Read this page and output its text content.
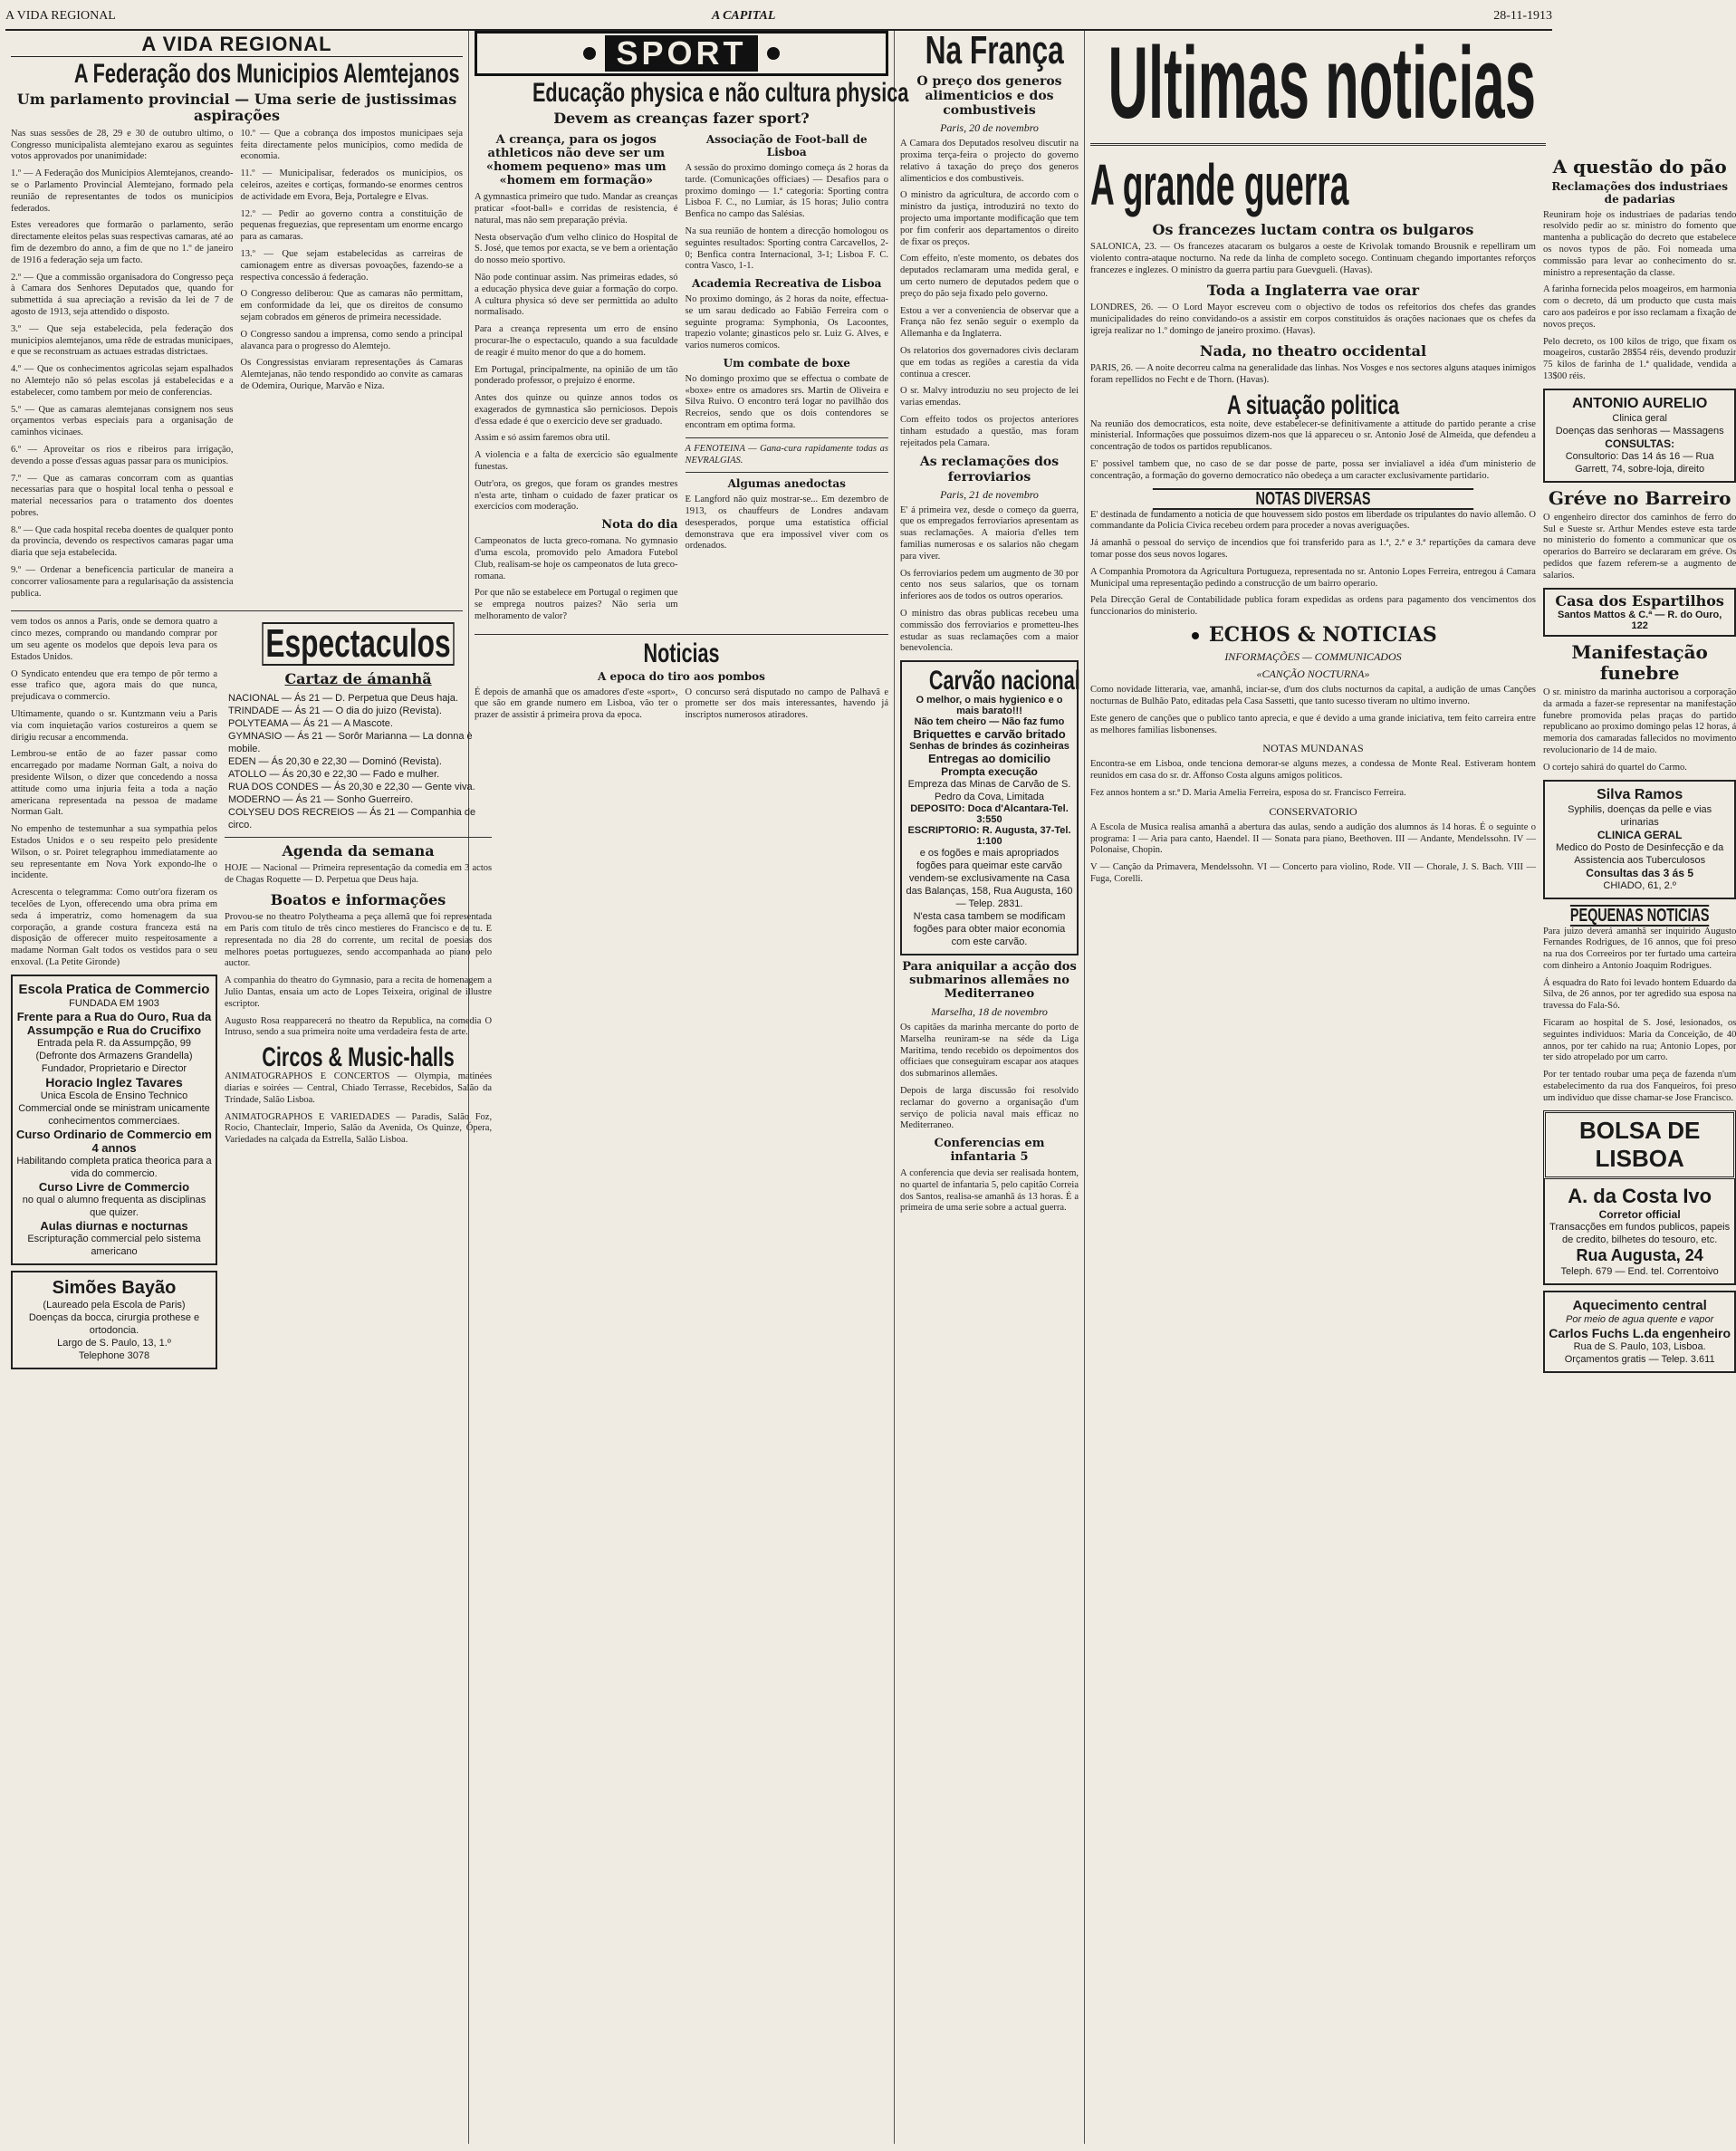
A VIDA REGIONAL	A CAPITAL	28-11-1913
A VIDA REGIONAL
A Federação dos Municipios Alemtejanos
Um parlamento provincial — Uma serie de justissimas aspirações

Nas suas sessões de 28, 29 e 30 de outubro ultimo, o Congresso municipalista alemtejano exarou as seguintes votos approvados por unanimidade:

1.º — A Federação dos Municipios Alemtejanos, creando-se o Parlamento Provincial Alemtejano, formado pela reunião de representantes de todos os municipios federados.

Estes vereadores que formarão o parlamento, serão directamente eleitos pelas suas respectivas camaras, até ao fim de dezembro do anno, a fim de que no 1.º de janeiro de 1916 a federação seja um facto.

2.º — Que a commissão organisadora do Congresso peça à Camara dos Senhores Deputados que, quando for submettida á sua apreciação a revisão da lei de 7 de agosto de 1913, seja attendido o disposto.

3.º — Que seja estabelecida, pela federação dos municipios alemtejanos, uma rêde de estradas municipaes, e que se reconstruam as actuaes estradas districtaes.

4.º — Que os conhecimentos agricolas sejam espalhados no Alemtejo não só pelas escolas já estabelecidas e a estabelecer, como tambem por meio de conferencias.

5.º — Que as camaras alemtejanas consignem nos seus orçamentos verbas especiais para a organisação de caminhos vicinaes.

6.º — Aproveitar os rios e ribeiros para irrigação, devendo a posse d'essas aguas passar para os municipios.

7.º — Que as camaras concorram com as quantias necessarias para que o hospital local tenha o pessoal e material necessarios para o tratamento dos doentes pobres.

8.º — Que cada hospital receba doentes de qualquer ponto da provincia, devendo os respectivos camaras pagar uma diaria que seja estabelecida.

9.º — Ordenar a beneficencia particular de maneira a concorrer valiosamente para a regularisação da assistencia publica.

10.º — Que a cobrança dos impostos municipaes seja feita directamente pelos municipios, como medida de economia.

11.º — Municipalisar, federados os municipios, os celeiros, azeites e cortiças, formando-se enormes centros de actividade em Evora, Beja, Portalegre e Elvas.

12.º — Pedir ao governo contra a constituição de pequenas freguezias, que representam um enorme encargo para as camaras.

13.º — Que sejam estabelecidas as carreiras de camionagem entre as diversas povoações, fazendo-se a respectiva concessão á federação.

O Congresso deliberou: Que as camaras não permittam, em conformidade da lei, que os direitos de consumo sejam cobrados em géneros de primeira necessidade.

O Congresso sandou a imprensa, como sendo a principal alavanca para o progresso do Alemtejo.

Os Congressistas enviaram representações ás Camaras Alemtejanas, não tendo respondido ao convite as camaras de Odemira, Ourique, Marvão e Niza.

vem todos os annos a Paris, onde se demora quatro a cinco mezes, comprando ou mandando comprar por um seu agente os modelos que depois leva para os Estados Unidos.

O Syndicato entendeu que era tempo de pôr termo a esse trafico que, agora mais do que nunca, prejudicava o commercio.

Ultimamente, quando o sr. Kuntzmann veiu a Paris via com inquietação varios costureiros a quem se dirigiu recusar a encommenda.

Lembrou-se então de ao fazer passar como encarregado por madame Norman Galt, a noiva do presidente Wilson, o dizer que concedendo a nossa attitude como uma injuria feita a toda a nação americana representada na pessoa de madame Norman Galt.

No empenho de testemunhar a sua sympathia pelos Estados Unidos e o seu respeito pelo presidente Wilson, o sr. Poiret telegraphou immediatamente ao seu representante em Nova York expondo-lhe o incidente.

Acrescenta o telegramma: Como outr'ora fizeram os tecelões de Lyon, offerecendo uma obra prima em seda á imperatriz, como homenagem da sua corporação, a grande costura franceza está na disposição de offerecer muito respeitosamente a madame Norman Galt todos os vestidos para o seu enxoval. (La Petite Gironde)

Escola Pratica de Commercio
FUNDADA EM 1903
Frente para a Rua do Ouro, Rua da Assumpção e Rua do Crucifixo
Entrada pela R. da Assumpção, 99
(Defronte dos Armazens Grandella)
Fundador, Proprietario e Director
Horacio Inglez Tavares
Unica Escola de Ensino Technico Commercial onde se ministram unicamente conhecimentos commerciaes.
Curso Ordinario de Commercio em 4 annos
Habilitando completa pratica theorica para a vida do commercio.
Curso Livre de Commercio
no qual o alumno frequenta as disciplinas que quizer.
Aulas diurnas e nocturnas
Escripturação commercial pelo sistema americano
Simões Bayão
(Laureado pela Escola de Paris)
Doenças da bocca, cirurgia prothese e ortodoncia.
Largo de S. Paulo, 13, 1.º
Telephone 3078
Espectaculos
Cartaz de ámanhã
NACIONAL — Ás 21 — D. Perpetua que Deus haja.
TRINDADE — Ás 21 — O dia do juizo (Revista).
POLYTEAMA — Ás 21 — A Mascote.
GYMNASIO — Ás 21 — Sorôr Marianna — La donna è mobile.
EDEN — Ás 20,30 e 22,30 — Dominó (Revista).
ATOLLO — Ás 20,30 e 22,30 — Fado e mulher.
RUA DOS CONDES — Ás 20,30 e 22,30 — Gente viva.
MODERNO — Ás 21 — Sonho Guerreiro.
COLYSEU DOS RECREIOS — Ás 21 — Companhia de circo.
Agenda da semana

HOJE — Nacional — Primeira representação da comedia em 3 actos de Chagas Roquette — D. Perpetua que Deus haja.

Boatos e informações

Provou-se no theatro Polytheama a peça allemã que foi representada em Paris com titulo de três cinco mestieres do Francisco e de tu. E representada no dia 28 do corrente, um recital de poesias dos melhores poetas portuguezes, sendo accompanhada ao piano pelo auctor.

A companhia do theatro do Gymnasio, para a recita de homenagem a Julio Dantas, ensaia um acto de Lopes Teixeira, original de illustre escriptor.

Augusto Rosa reapparecerá no theatro da Republica, na comedia O Intruso, sendo a sua primeira noite uma verdadeira festa de arte.

Circos & Music-halls

ANIMATOGRAPHOS E CONCERTOS — Olympia, matinées diarias e soirées — Central, Chiado Terrasse, Recebidos, Salão da Trindade, Salão Lisboa.

ANIMATOGRAPHOS E VARIEDADES — Paradis, Salão Foz, Rocio, Chanteclair, Imperio, Salão da Avenida, Os Quinze, Ópera, Variedades na calçada da Estrella, Salão Lisboa.

SPORT
Educação physica e não cultura physica
Devem as creanças fazer sport?
A creança, para os jogos athleticos não deve ser um «homem pequeno» mas um «homem em formação»

A gymnastica primeiro que tudo. Mandar as creanças praticar «foot-ball» e corridas de resistencia, é natural, mas não sem preparação prévia.

Nesta observação d'um velho clinico do Hospital de S. José, que temos por exacta, se ve bem a orientação do nosso meio sportivo.

Não pode continuar assim. Nas primeiras edades, só a educação physica deve guiar a formação do corpo. A cultura physica só deve ser permittida ao adulto normalisado.

Para a creança representa um erro de ensino procurar-lhe o espectaculo, quando a sua faculdade de reagir é muito menor do que a do homem.

Em Portugal, principalmente, na opinião de um tão ponderado professor, o prejuizo é enorme.

Antes dos quinze ou quinze annos todos os exagerados de gymnastica são perniciosos. Depois d'essa edade é que o exercicio deve ser graduado.

Assim e só assim faremos obra util.

A violencia e a falta de exercicio são egualmente funestas.

Outr'ora, os gregos, que foram os grandes mestres n'esta arte, tinham o cuidado de fazer praticar os exercicios com moderação.

Nota do dia

Campeonatos de lucta greco-romana. No gymnasio d'uma escola, promovido pelo Amadora Futebol Club, realisam-se hoje os campeonatos de luta greco-romana.

Por que não se estabelece em Portugal o regimen que se emprega noutros paizes? Não seria um melhoramento de valor?

Associação de Foot-ball de Lisboa

A sessão do proximo domingo começa ás 2 horas da tarde. (Comunicações officiaes) — Desafios para o proximo domingo — 1.ª categoria: Sporting contra Lisboa F. C., no Lumiar, ás 15 horas; Julio contra Benfica no campo das Salésias.

Na sua reunião de hontem a direcção homologou os seguintes resultados: Sporting contra Carcavellos, 2-0; Benfica contra Internacional, 3-1; Lisboa F. C. contra Vasco, 1-1.

Academia Recreativa de Lisboa

No proximo domingo, ás 2 horas da noite, effectua-se um sarau dedicado ao Fabião Ferreira com o seguinte programa: Symphonia, Os Lacoontes, trapezio volante; ginasticos pelo sr. Luiz G. Alves, e varios numeros comicos.

Um combate de boxe

No domingo proximo que se effectua o combate de «boxe» entre os amadores srs. Martin de Oliveira e Silva Ruivo. O encontro terá logar no pavilhão dos Recreios, sendo que os dois contendores se encontram em optima forma.

A FENOTEINA — Gana-cura rapidamente todas as NEVRALGIAS.

Algumas anedoctas

E Langford não quiz mostrar-se... Em dezembro de 1913, os chauffeurs de Londres andavam desesperados, porque uma estatistica official demonstrava que era impossivel viver com os ordenados.

Noticias
A epoca do tiro aos pombos

É depois de amanhã que os amadores d'este «sport», que são em grande numero em Lisboa, vão ter o prazer de assistir á primeira prova da epoca.

O concurso será disputado no campo de Palhavã e promette ser dos mais interessantes, havendo já inscriptos numerosos atiradores.

Na França
O preço dos generos alimenticios e dos combustiveis
Paris, 20 de novembro

A Camara dos Deputados resolveu discutir na proxima terça-feira o projecto do governo relativo á taxação do preço dos generos alimenticios e dos combustiveis.

O ministro da agricultura, de accordo com o ministro da justiça, introduzirá no texto do projecto uma importante modificação que tem por fim conferir aos departamentos o direito de fixar os preços.

Com effeito, n'este momento, os debates dos deputados reclamaram uma medida geral, e um certo numero de deputados pedem que o preço do pão seja fixado pelo governo.

Estou a ver a conveniencia de observar que a França não fez senão seguir o exemplo da Allemanha e da Inglaterra.

Os relatorios dos governadores civis declaram que em todas as regiões a carestia da vida continua a crescer.

O sr. Malvy introduziu no seu projecto de lei varias emendas.

Com effeito todos os projectos anteriores tinham estudado a questão, mas foram rejeitados pela Camara.

As reclamações dos ferroviarios
Paris, 21 de novembro

E' á primeira vez, desde o começo da guerra, que os empregados ferroviarios apresentam as suas reclamações. A maioria d'elles tem familias numerosas e os salarios não chegam para viver.

Os ferroviarios pedem um augmento de 30 por cento nos seus salarios, que os tornam inferiores aos de todos os outros operarios.

O ministro das obras publicas recebeu uma commissão dos ferroviarios e prometteu-lhes estudar as suas reclamações com a maior benevolencia.

Carvão nacional
O melhor, o mais hygienico e o mais barato!!!
Não tem cheiro — Não faz fumo
Briquettes e carvão britado
Senhas de brindes ás cozinheiras
Entregas ao domicilio
Prompta execução
Empreza das Minas de Carvão de S. Pedro da Cova, Limitada
DEPOSITO: Doca d'Alcantara-Tel. 3:550
ESCRIPTORIO: R. Augusta, 37-Tel. 1:100
e os fogões e mais apropriados fogões para queimar este carvão vendem-se exclusivamente na Casa das Balanças, 158, Rua Augusta, 160 — Telep. 2831.
N'esta casa tambem se modificam fogões para obter maior economia com este carvão.
Para aniquilar a acção dos submarinos allemães no Mediterraneo
Marselha, 18 de novembro

Os capitães da marinha mercante do porto de Marselha reuniram-se na séde da Liga Maritima, tendo recebido os depoimentos dos officiaes que conseguiram escapar aos ataques dos submarinos allemães.

Depois de larga discussão foi resolvido reclamar do governo a organisação d'um serviço de policia naval mais efficaz no Mediterraneo.

Conferencias em infantaria 5

A conferencia que devia ser realisada hontem, no quartel de infantaria 5, pelo capitão Correia dos Santos, realisa-se amanhã ás 13 horas. É a primeira de uma serie sobre a actual guerra.

Ultimas noticias
A grande guerra
Os francezes luctam contra os bulgaros

SALONICA, 23. — Os francezes atacaram os bulgaros a oeste de Krivolak tomando Brousnik e repelliram um violento contra-ataque nocturno. Na rede da linha de completo socego. Continuam chegando importantes reforços francezes e inglezes. O ministro da guerra partiu para Guevgueli. (Havas).

Toda a Inglaterra vae orar

LONDRES, 26. — O Lord Mayor escreveu com o objectivo de todos os refeitorios dos chefes das grandes municipalidades do reino convidando-os a assistir em corpos constituidos ás orações nacionaes que os chefes da igreja realizar no 1.º domingo de janeiro proximo. (Havas).

Nada, no theatro occidental

PARIS, 26. — A noite decorreu calma na generalidade das linhas. Nos Vosges e nos sectores alguns ataques inimigos foram repellidos no Fecht e de Thorn. (Havas).

A situação politica

Na reunião dos democraticos, esta noite, deve estabelecer-se definitivamente a attitude do partido perante a crise ministerial. Informações que possuimos dizem-nos que lá appareceu o sr. Antonio José de Almeida, que defendeu a concentração de todos os partidos republicanos.

E' possivel tambem que, no caso de se dar posse de parte, possa ser invialiavel a idéa d'um ministerio de concentração, a formação do governo democratico não obedeça a um caracter exclusivamente partidario.

NOTAS DIVERSAS

E' destinada de fundamento a noticia de que houvessem sido postos em liberdade os tripulantes do navio allemão. O commandante da Policia Civica recebeu ordem para proceder a novas averiguações.

Já amanhã o pessoal do serviço de incendios que foi transferido para as 1.ª, 2.ª e 3.ª repartições da camara deve tomar posse dos seus novos logares.

A Companhia Promotora da Agricultura Portugueza, representada no sr. Antonio Lopes Ferreira, entregou á Camara Municipal uma representação pedindo a construcção de um bairro operario.

Pela Direcção Geral de Contabilidade publica foram expedidas as ordens para pagamento dos vencimentos dos funccionarios do ministerio.

ECHOS & NOTICIAS
INFORMAÇÕES — COMMUNICADOS
«CANÇÃO NOCTURNA»

Como novidade litteraria, vae, amanhã, inciar-se, d'um dos clubs nocturnos da capital, a audição de umas Canções nocturnas de Bulhão Pato, editadas pela Casa Sassetti, que tanto sucesso tiveram no ultimo inverno.

Este genero de canções que o publico tanto aprecia, e que é devido a uma grande iniciativa, tem feito carreira entre as melhores familias lisbonenses.

NOTAS MUNDANAS

Encontra-se em Lisboa, onde tenciona demorar-se alguns mezes, a condessa de Monte Real. Estiveram hontem reunidos em casa do sr. dr. Affonso Costa alguns amigos politicos.

Fez annos hontem a sr.ª D. Maria Amelia Ferreira, esposa do sr. Francisco Ferreira.

CONSERVATORIO

A Escola de Musica realisa amanhã a abertura das aulas, sendo a audição dos alumnos ás 14 horas. É o seguinte o programa: I — Aria para canto, Haendel. II — Sonata para piano, Beethoven. III — Andante, Mendelssohn. IV — Polonaise, Chopin.

V — Canção da Primavera, Mendelssohn. VI — Concerto para violino, Rode. VII — Chorale, J. S. Bach. VIII — Fuga, Corelli.

A questão do pão
Reclamações dos industriaes de padarias

Reuniram hoje os industriaes de padarias tendo resolvido pedir ao sr. ministro do fomento que mantenha a publicação do decreto que estabelece os novos typos de pão. Foi nomeada uma commissão para levar ao conhecimento do sr. ministro a representação da classe.

A farinha fornecida pelos moageiros, em harmonia com o decreto, dá um producto que custa mais caro aos padeiros e por isso reclamam a fixação de novos preços.

Pelo decreto, os 100 kilos de trigo, que fixam os moageiros, custarão 28$54 réis, devendo produzir 75 kilos de farinha de 1.ª qualidade, vendida a 13$00 réis.

ANTONIO AURELIO
Clinica geral
Doenças das senhoras — Massagens
CONSULTAS:
Consultorio: Das 14 ás 16 — Rua Garrett, 74, sobre-loja, direito
Gréve no Barreiro

O engenheiro director dos caminhos de ferro do Sul e Sueste sr. Arthur Mendes esteve esta tarde no ministerio do fomento a communicar que os operarios do Barreiro se declararam em gréve. Os pedidos que fazem referem-se a augmento de salarios.

Casa dos Espartilhos
Santos Mattos & C.ª — R. do Ouro, 122
Manifestação funebre

O sr. ministro da marinha auctorisou a corporação da armada a fazer-se representar na manifestação funebre promovida pelas praças do partido republicano ao proximo domingo pelas 12 horas, á memoria dos camaradas fallecidos no movimento revolucionario de 14 de maio.

O cortejo sahirá do quartel do Carmo.

Silva Ramos
Syphilis, doenças da pelle e vias urinarias
CLINICA GERAL
Medico do Posto de Desinfecção e da Assistencia aos Tuberculosos
Consultas das 3 ás 5
CHIADO, 61, 2.º
PEQUENAS NOTICIAS

Para juizo deverá amanhã ser inquirido Augusto Fernandes Rodrigues, de 16 annos, que foi preso na rua dos Correeiros por ter furtado uma carteira com dinheiro a Antonio Joaquim Rodrigues.

Á esquadra do Rato foi levado hontem Eduardo da Silva, de 26 annos, por ter agredido sua esposa na travessa do Fala-Só.

Ficaram ao hospital de S. José, lesionados, os seguintes individuos: Maria da Conceição, de 40 annos, por ter cahido na rua; Antonio Lopes, por ter sido atropelado por um carro.

Por ter tentado roubar uma peça de fazenda n'um estabelecimento da rua dos Fanqueiros, foi preso um individuo que disse chamar-se Jose Francisco.

BOLSA DE LISBOA
A. da Costa Ivo
Corretor official
Transacções em fundos publicos, papeis de credito, bilhetes do tesouro, etc.
Rua Augusta, 24
Teleph. 679 — End. tel. Correntoivo
Aquecimento central
Por meio de agua quente e vapor
Carlos Fuchs L.da engenheiro
Rua de S. Paulo, 103, Lisboa.
Orçamentos gratis — Telep. 3.611
